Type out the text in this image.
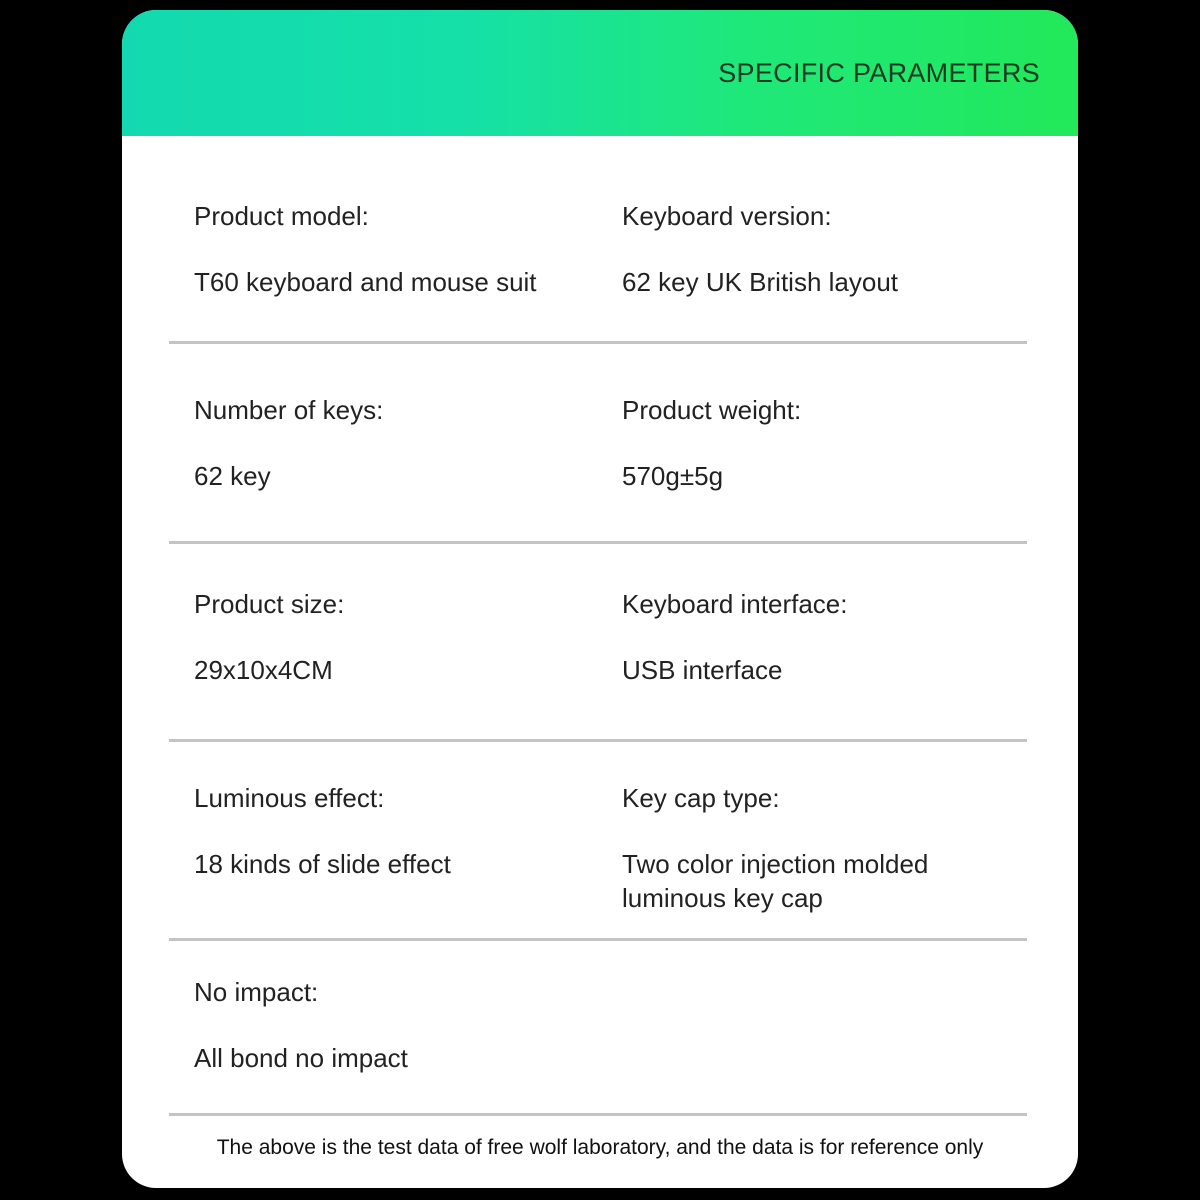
SPECIFIC PARAMETERS
Product model:
T60 keyboard and mouse suit
Keyboard version:
62 key UK British layout
Number of keys:
62 key
Product weight:
570g±5g
Product size:
29x10x4CM
Keyboard interface:
USB interface
Luminous effect:
18 kinds of slide effect
Key cap type:
Two color injection molded luminous key cap
No impact:
All bond no impact
The above is the test data of free wolf laboratory, and the data is for reference only
